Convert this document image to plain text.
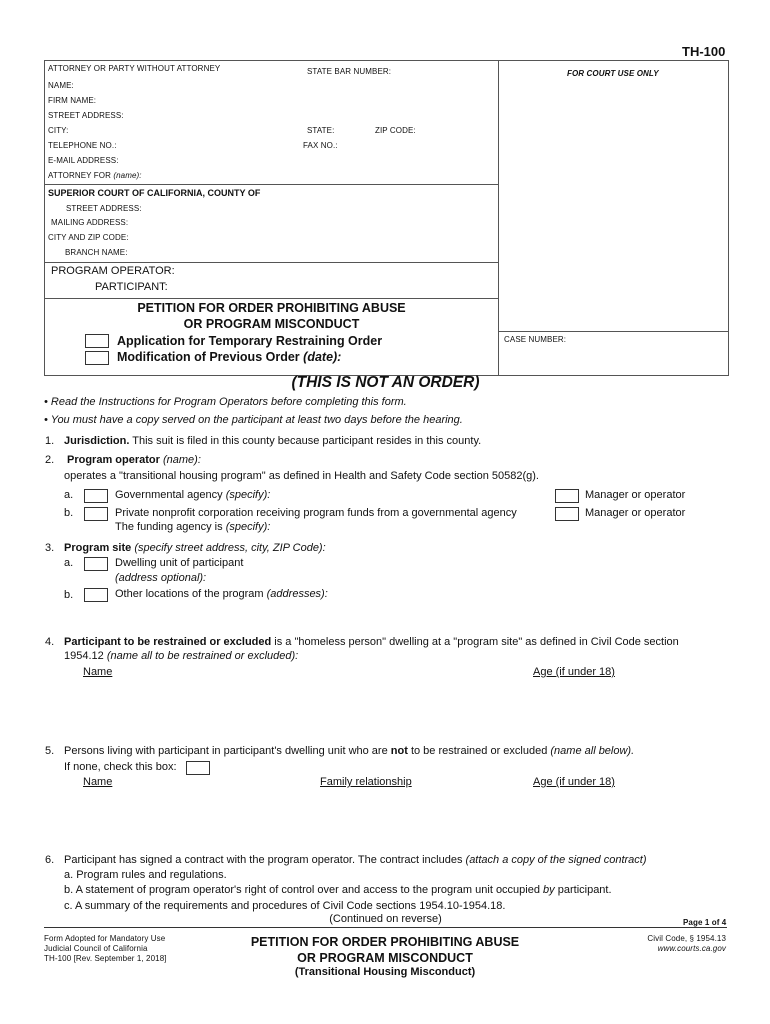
TH-100
ATTORNEY OR PARTY WITHOUT ATTORNEY	STATE BAR NUMBER:	FOR COURT USE ONLY
NAME:
FIRM NAME:
STREET ADDRESS:
CITY:	STATE:	ZIP CODE:
TELEPHONE NO.:	FAX NO.:
E-MAIL ADDRESS:
ATTORNEY FOR (name):
SUPERIOR COURT OF CALIFORNIA, COUNTY OF
STREET ADDRESS:
MAILING ADDRESS:
CITY AND ZIP CODE:
BRANCH NAME:
PROGRAM OPERATOR:
PARTICIPANT:
PETITION FOR ORDER PROHIBITING ABUSE
OR PROGRAM MISCONDUCT
Application for Temporary Restraining Order
Modification of Previous Order (date):
CASE NUMBER:
(THIS IS NOT AN ORDER)
• Read the Instructions for Program Operators before completing this form.
• You must have a copy served on the participant at least two days before the hearing.
1. Jurisdiction. This suit is filed in this county because participant resides in this county.
2. Program operator (name):
operates a "transitional housing program" as defined in Health and Safety Code section 50582(g).
a.	Governmental agency (specify):	Manager or operator
b.	Private nonprofit corporation receiving program funds from a governmental agency	Manager or operator
The funding agency is (specify):
3. Program site (specify street address, city, ZIP Code):
a.	Dwelling unit of participant
(address optional):
b.	Other locations of the program (addresses):
4. Participant to be restrained or excluded is a "homeless person" dwelling at a "program site" as defined in Civil Code section
1954.12 (name all to be restrained or excluded):
Name	Age (if under 18)
5. Persons living with participant in participant's dwelling unit who are not to be restrained or excluded (name all below).
If none, check this box:
Name	Family relationship	Age (if under 18)
6. Participant has signed a contract with the program operator. The contract includes (attach a copy of the signed contract)
a. Program rules and regulations.
b. A statement of program operator's right of control over and access to the program unit occupied by participant.
c. A summary of the requirements and procedures of Civil Code sections 1954.10-1954.18.
(Continued on reverse)	Page 1 of 4
Form Adopted for Mandatory Use
Judicial Council of California
TH-100 [Rev. September 1, 2018]
PETITION FOR ORDER PROHIBITING ABUSE
OR PROGRAM MISCONDUCT
(Transitional Housing Misconduct)
Civil Code, § 1954.13
www.courts.ca.gov
